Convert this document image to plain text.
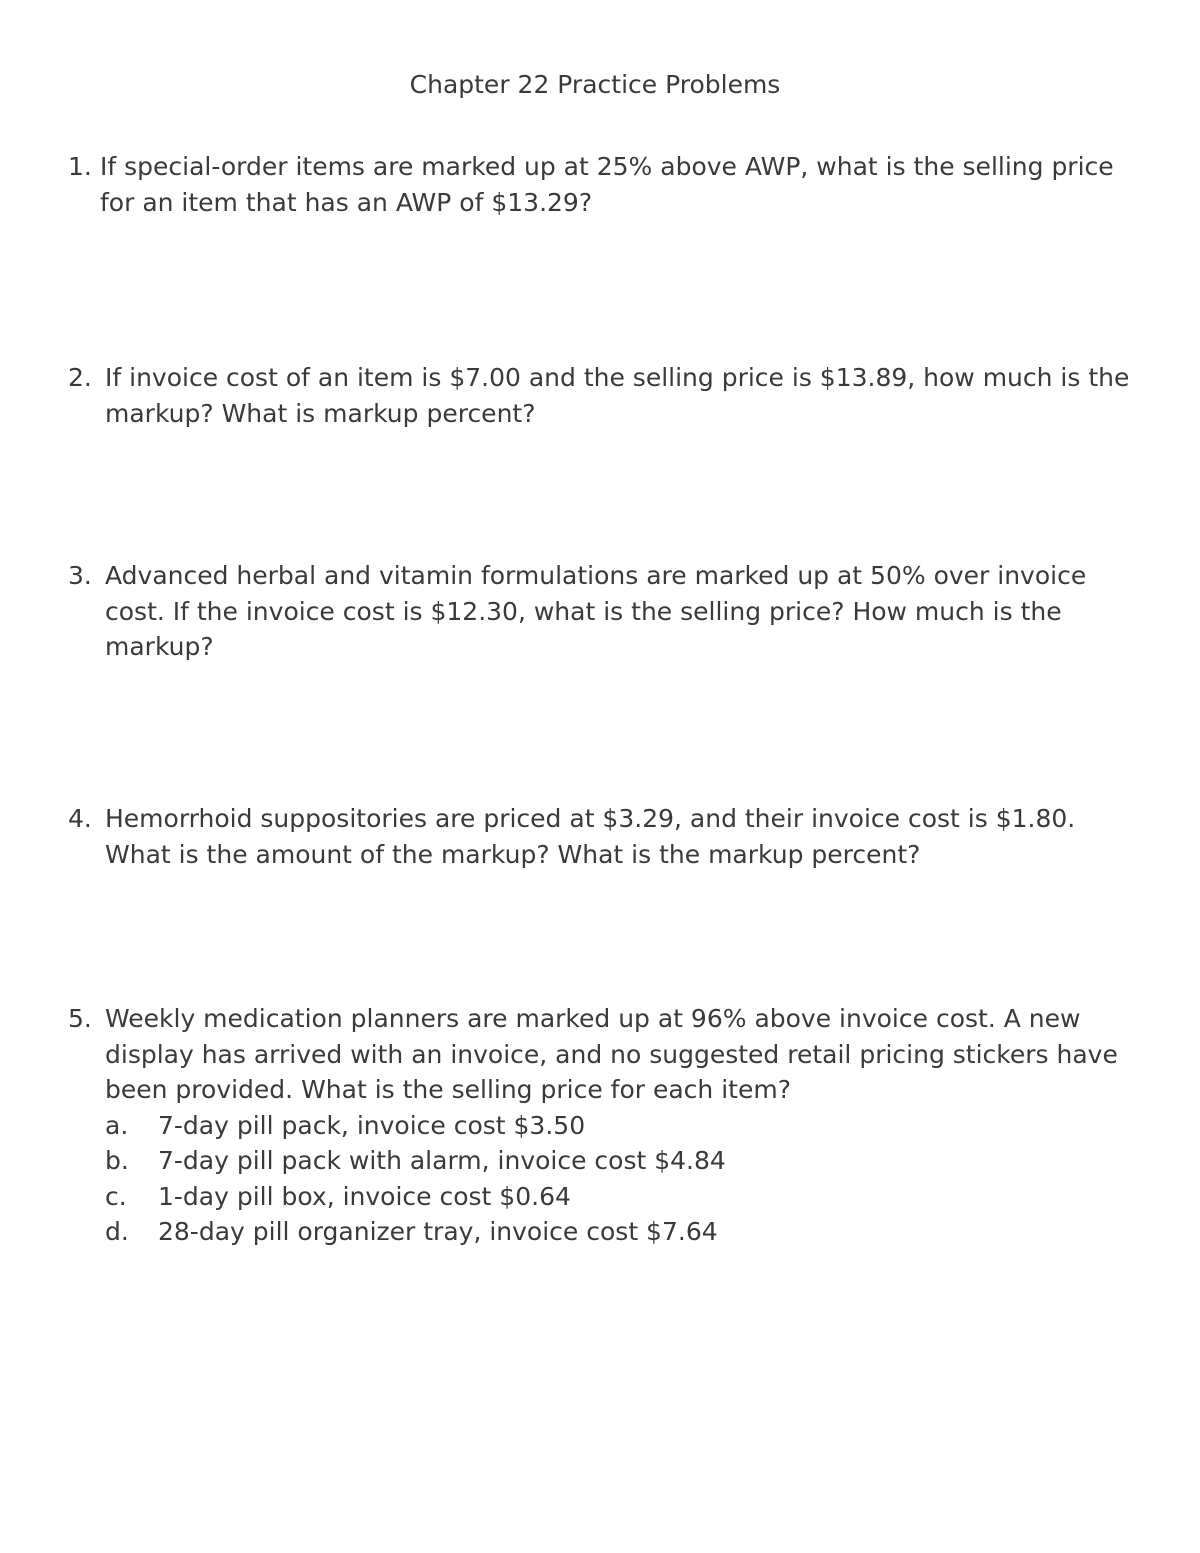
Chapter 22 Practice Problems
1. If special-order items are marked up at 25% above AWP, what is the selling price for an item that has an AWP of $13.29?
2. If invoice cost of an item is $7.00 and the selling price is $13.89, how much is the markup? What is markup percent?
3. Advanced herbal and vitamin formulations are marked up at 50% over invoice cost. If the invoice cost is $12.30, what is the selling price? How much is the markup?
4. Hemorrhoid suppositories are priced at $3.29, and their invoice cost is $1.80. What is the amount of the markup? What is the markup percent?
5. Weekly medication planners are marked up at 96% above invoice cost. A new display has arrived with an invoice, and no suggested retail pricing stickers have been provided. What is the selling price for each item?
a. 7-day pill pack, invoice cost $3.50
b. 7-day pill pack with alarm, invoice cost $4.84
c. 1-day pill box, invoice cost $0.64
d. 28-day pill organizer tray, invoice cost $7.64
